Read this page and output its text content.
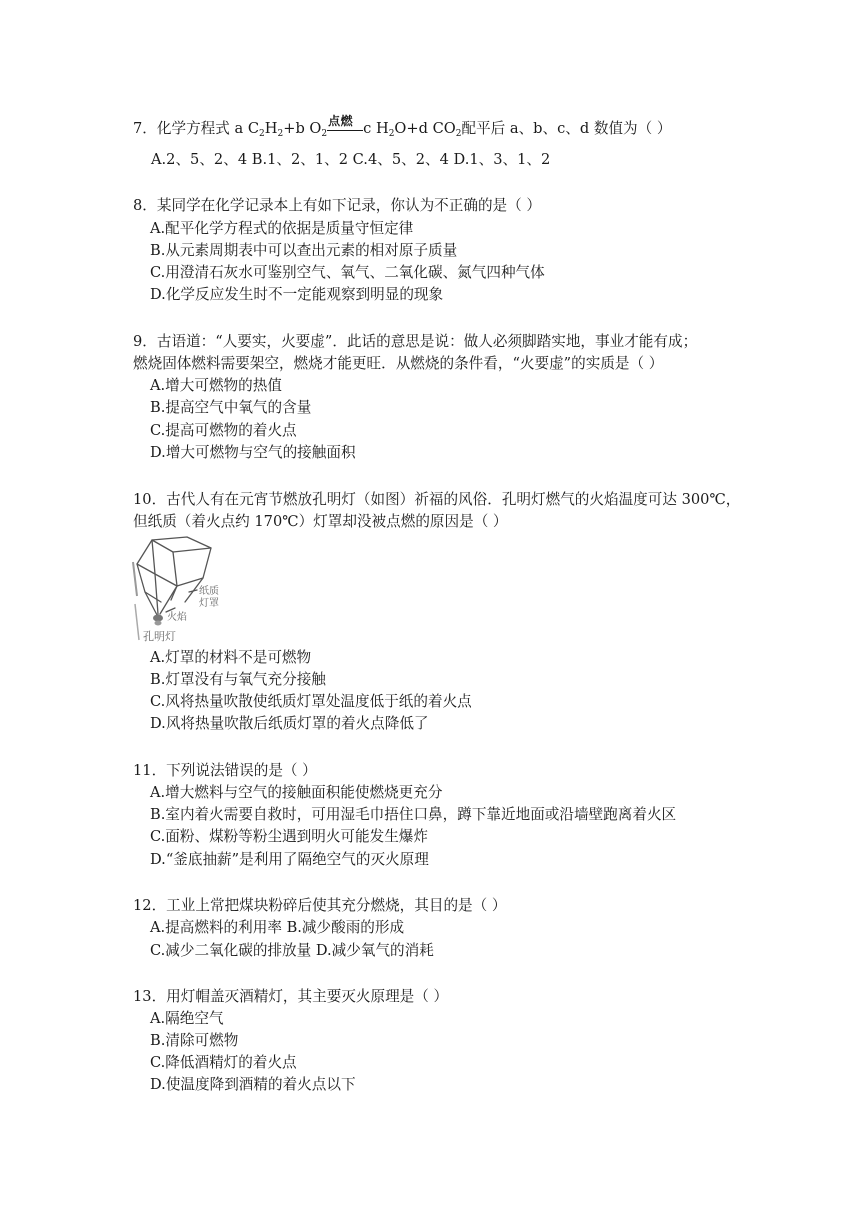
7．化学方程式 a $C_2H_2+b$ $O_2$
点燃 c $H_2O+d$ $CO_2$配平后 a、b、c、d 数值为（ ）
A.2、5、2、4 B.1、2、1、2 C.4、5、2、4 D.1、3、1、2
8．某同学在化学记录本上有如下记录，你认为不正确的是（ ）
A.配平化学方程式的依据是质量守恒定律
B.从元素周期表中可以查出元素的相对原子质量
C.用澄清石灰水可鉴别空气、氧气、二氧化碳、氮气四种气体
D.化学反应发生时不一定能观察到明显的现象
9．古语道：“人要实，火要虚”．此话的意思是说：做人必须脚踏实地，事业才能有成；
燃烧固体燃料需要架空，燃烧才能更旺．从燃烧的条件看，“火要虚”的实质是（ ）
A.增大可燃物的热值
B.提高空气中氧气的含量
C.提高可燃物的着火点
D.增大可燃物与空气的接触面积
10．古代人有在元宵节燃放孔明灯（如图）祈福的风俗．孔明灯燃气的火焰温度可达 300℃，
但纸质（着火点约 170℃）灯罩却没被点燃的原因是（ ）
纸质
灯罩
火焰
孔明灯
A.灯罩的材料不是可燃物
B.灯罩没有与氧气充分接触
C.风将热量吹散使纸质灯罩处温度低于纸的着火点
D.风将热量吹散后纸质灯罩的着火点降低了
11．下列说法错误的是（ ）
A.增大燃料与空气的接触面积能使燃烧更充分
B.室内着火需要自救时，可用湿毛巾捂住口鼻，蹲下靠近地面或沿墙壁跑离着火区
C.面粉、煤粉等粉尘遇到明火可能发生爆炸
D.“釜底抽薪”是利用了隔绝空气的灭火原理
12．工业上常把煤块粉碎后使其充分燃烧，其目的是（ ）
A.提高燃料的利用率 B.减少酸雨的形成
C.减少二氧化碳的排放量 D.减少氧气的消耗
13．用灯帽盖灭酒精灯，其主要灭火原理是（ ）
A.隔绝空气
B.清除可燃物
C.降低酒精灯的着火点
D.使温度降到酒精的着火点以下
